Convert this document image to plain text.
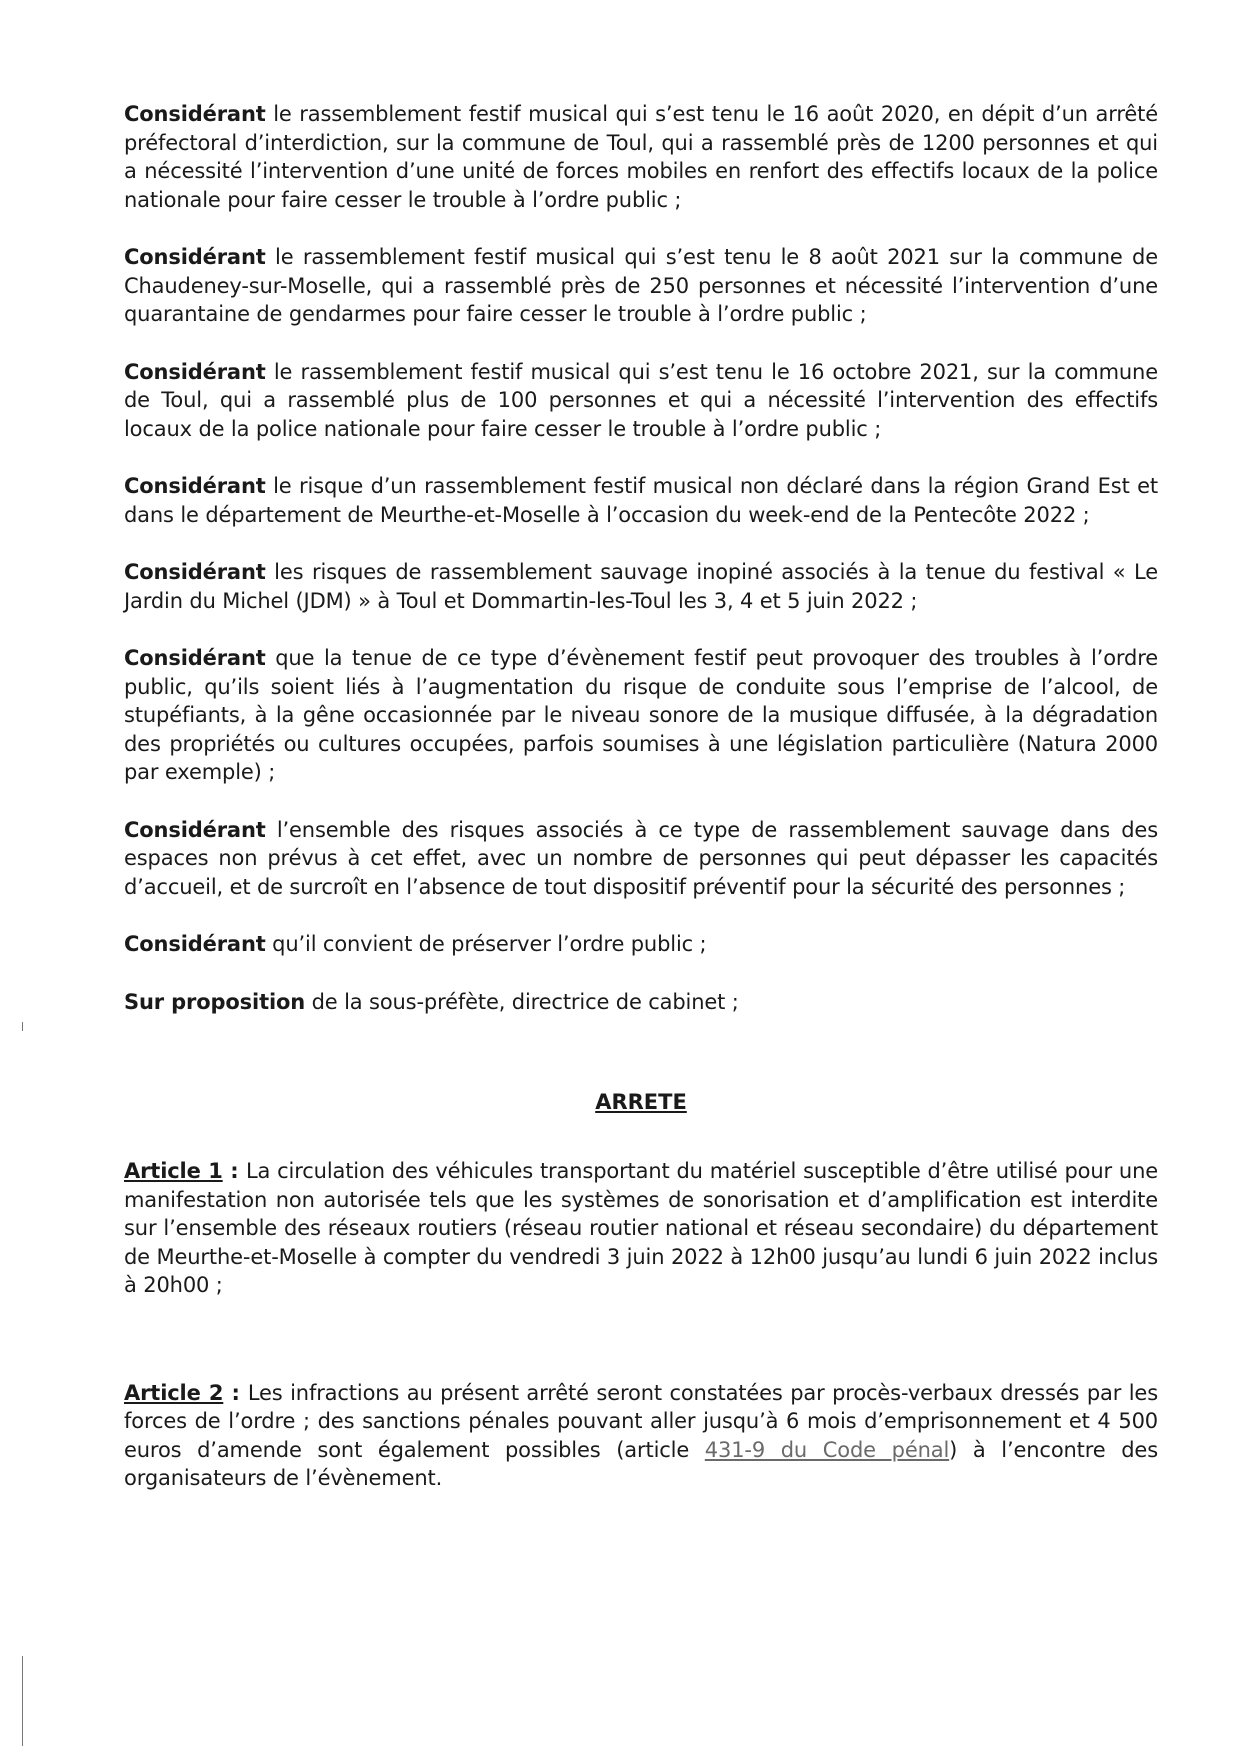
Considérant le rassemblement festif musical qui s’est tenu le 16 août 2020, en dépit d’un arrêté préfectoral d’interdiction, sur la commune de Toul, qui a rassemblé près de 1200 personnes et qui a nécessité l’intervention d’une unité de forces mobiles en renfort des effectifs locaux de la police nationale pour faire cesser le trouble à l’ordre public ;

Considérant le rassemblement festif musical qui s’est tenu le 8 août 2021 sur la commune de Chaudeney-sur-Moselle, qui a rassemblé près de 250 personnes et nécessité l’intervention d’une quarantaine de gendarmes pour faire cesser le trouble à l’ordre public ;

Considérant le rassemblement festif musical qui s’est tenu le 16 octobre 2021, sur la commune de Toul, qui a rassemblé plus de 100 personnes et qui a nécessité l’intervention des effectifs locaux de la police nationale pour faire cesser le trouble à l’ordre public ;

Considérant le risque d’un rassemblement festif musical non déclaré dans la région Grand Est et dans le département de Meurthe-et-Moselle à l’occasion du week-end de la Pentecôte 2022 ;

Considérant les risques de rassemblement sauvage inopiné associés à la tenue du festival « Le Jardin du Michel (JDM) » à Toul et Dommartin-les-Toul les 3, 4 et 5 juin 2022 ;

Considérant que la tenue de ce type d’évènement festif peut provoquer des troubles à l’ordre public, qu’ils soient liés à l’augmentation du risque de conduite sous l’emprise de l’alcool, de stupéfiants, à la gêne occasionnée par le niveau sonore de la musique diffusée, à la dégradation des propriétés ou cultures occupées, parfois soumises à une législation particulière (Natura 2000 par exemple) ;

Considérant l’ensemble des risques associés à ce type de rassemblement sauvage dans des espaces non prévus à cet effet, avec un nombre de personnes qui peut dépasser les capacités d’accueil, et de surcroît en l’absence de tout dispositif préventif pour la sécurité des personnes ;

Considérant qu’il convient de préserver l’ordre public ;

Sur proposition de la sous-préfète, directrice de cabinet ;

ARRETE

Article 1 : La circulation des véhicules transportant du matériel susceptible d’être utilisé pour une manifestation non autorisée tels que les systèmes de sonorisation et d’amplification est interdite sur l’ensemble des réseaux routiers (réseau routier national et réseau secondaire) du département de Meurthe-et-Moselle à compter du vendredi 3 juin 2022 à 12h00 jusqu’au lundi 6 juin 2022 inclus à 20h00 ;

Article 2 : Les infractions au présent arrêté seront constatées par procès-verbaux dressés par les forces de l’ordre ; des sanctions pénales pouvant aller jusqu’à 6 mois d’emprisonnement et 4 500 euros d’amende sont également possibles (article 431-9 du Code pénal) à l’encontre des organisateurs de l’évènement.
